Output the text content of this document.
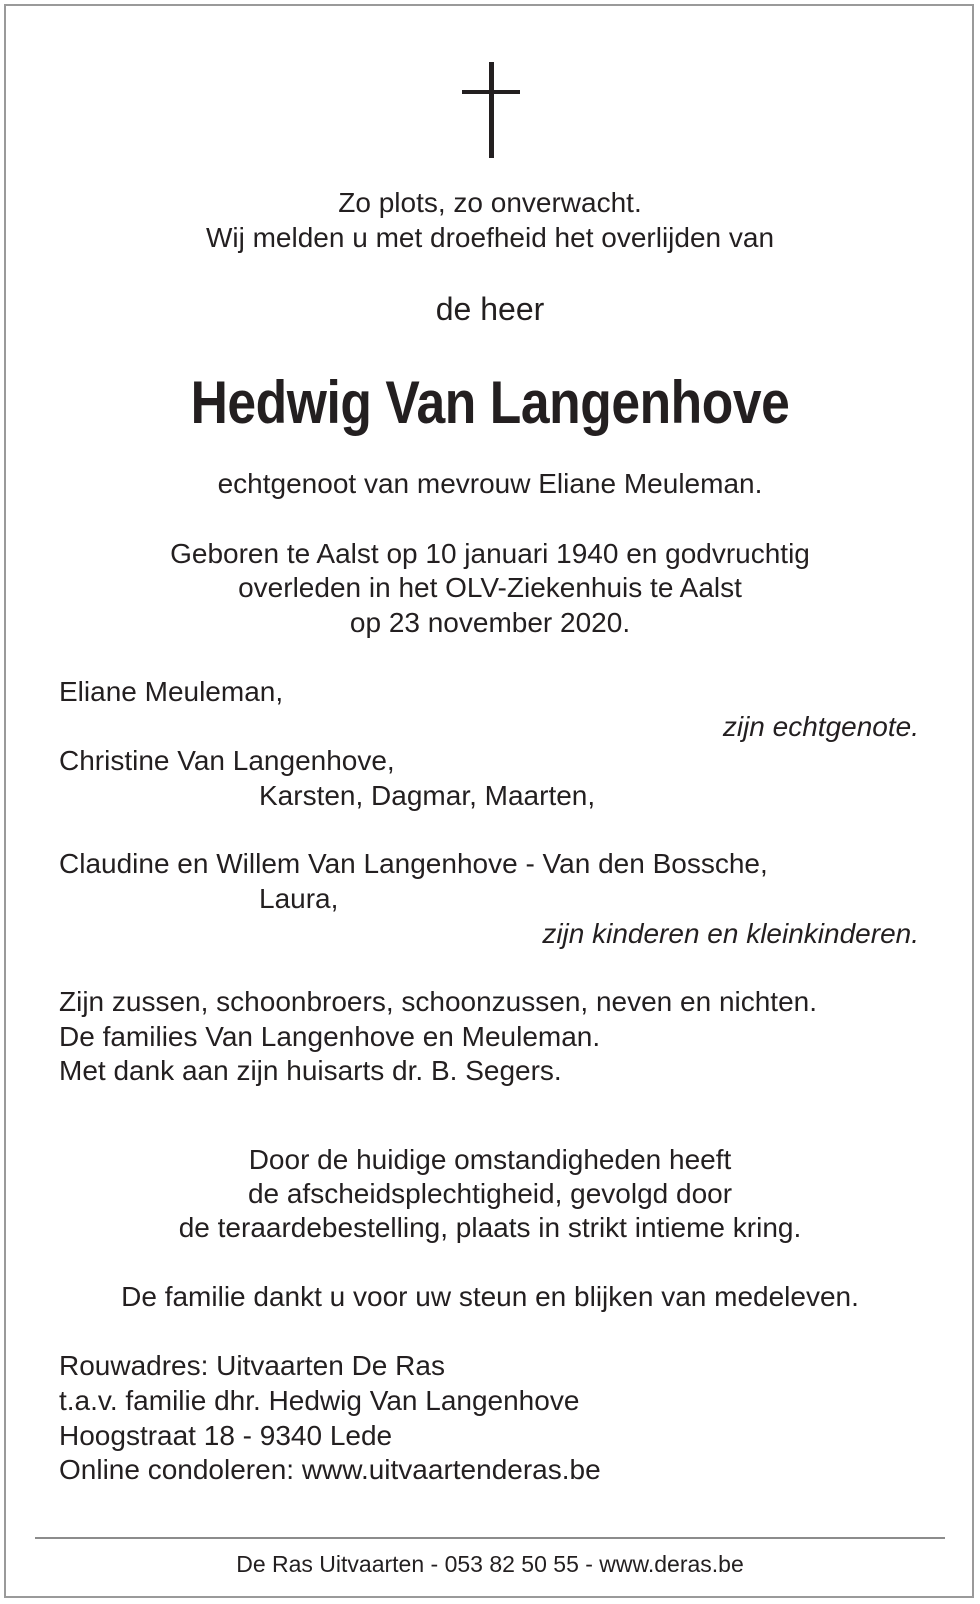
Zo plots, zo onverwacht.
Wij melden u met droefheid het overlijden van
de heer
Hedwig Van Langenhove
echtgenoot van mevrouw Eliane Meuleman.
Geboren te Aalst op 10 januari 1940 en godvruchtig
overleden in het OLV-Ziekenhuis te Aalst
op 23 november 2020.
Eliane Meuleman,
zijn echtgenote.
Christine Van Langenhove,
Karsten, Dagmar, Maarten,
Claudine en Willem Van Langenhove - Van den Bossche,
Laura,
zijn kinderen en kleinkinderen.
Zijn zussen, schoonbroers, schoonzussen, neven en nichten.
De families Van Langenhove en Meuleman.
Met dank aan zijn huisarts dr. B. Segers.
Door de huidige omstandigheden heeft
de afscheidsplechtigheid, gevolgd door
de teraardebestelling, plaats in strikt intieme kring.
De familie dankt u voor uw steun en blijken van medeleven.
Rouwadres: Uitvaarten De Ras
t.a.v. familie dhr. Hedwig Van Langenhove
Hoogstraat 18 - 9340 Lede
Online condoleren: www.uitvaartenderas.be
De Ras Uitvaarten - 053 82 50 55 - www.deras.be
